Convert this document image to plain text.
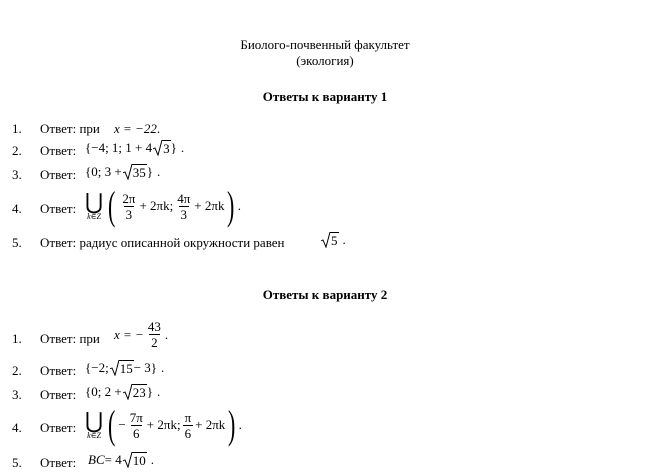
Биолого-почвенный факультет
(экология)
Ответы к варианту 1
1. Ответ: при x = −22 .
2. Ответ: {−4; 1; 1 + 4 3 } .
3. Ответ: {0; 3 + 35 } .
4. Ответ: ⋃
k∈Z ( $\frac{2\pi}{3} + 2\pi k$; $\frac{4\pi}{3} + 2\pi k$ ) .
5. Ответ: радиус описанной окружности равен	5 .
Ответы к варианту 2
1. Ответ: при x = − $\frac{43}{2}$ .
2. Ответ: {−2; 15 − 3} .
3. Ответ: {0; 2 + 23 } .
4. Ответ: ⋃
k∈Z ( − $\frac{7\pi}{6} + 2\pi k$; $\frac{\pi}{6} + 2\pi k$ ) .
5. Ответ: BC = 4 10 .
